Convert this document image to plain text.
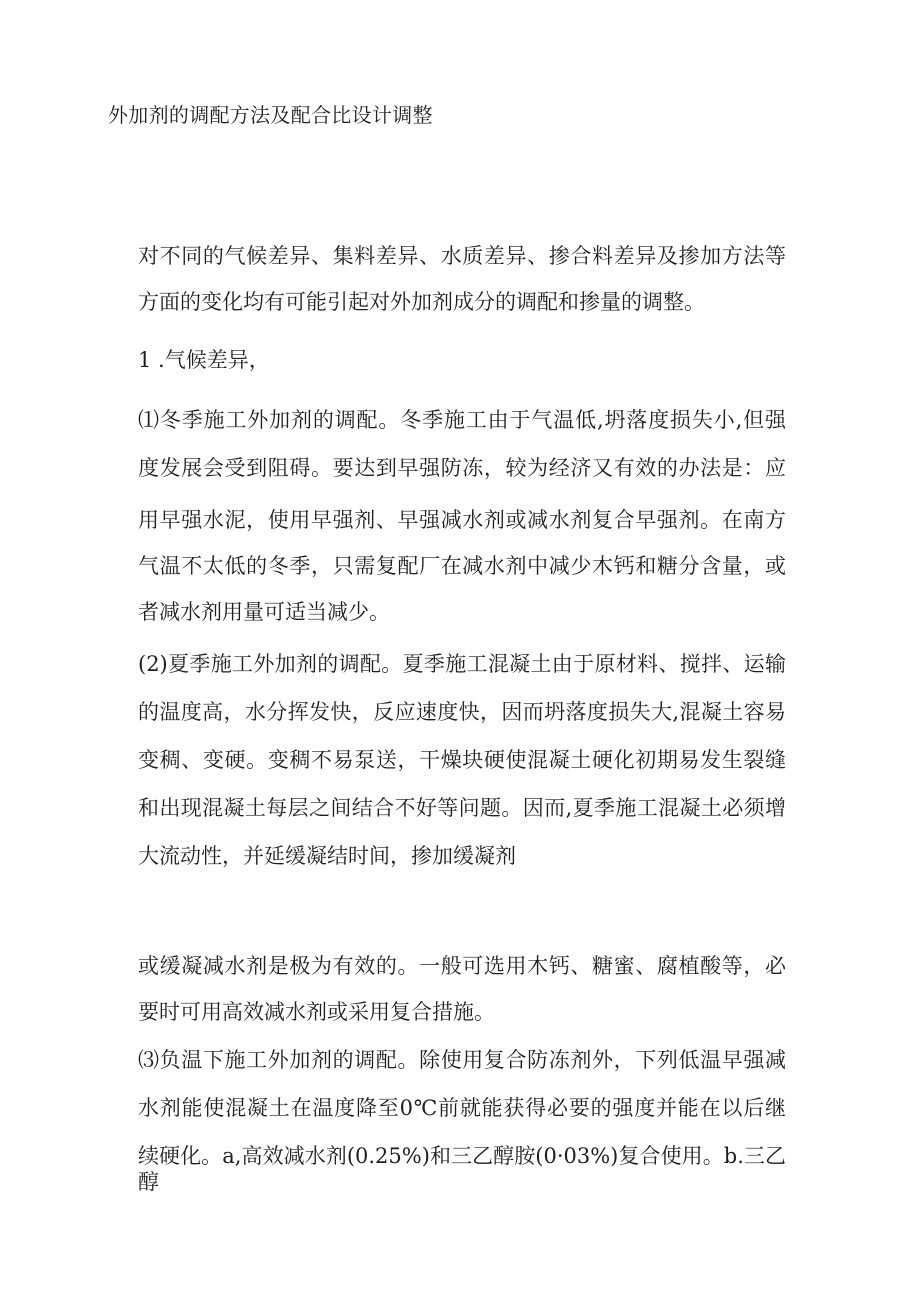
外加剂的调配方法及配合比设计调整
对不同的气候差异、集料差异、水质差异、掺合料差异及掺加方法等
方面的变化均有可能引起对外加剂成分的调配和掺量的调整。
1 .气候差异，
⑴冬季施工外加剂的调配。冬季施工由于气温低,坍落度损失小,但强
度发展会受到阻碍。要达到早强防冻，较为经济又有效的办法是：应
用早强水泥，使用早强剂、早强减水剂或减水剂复合早强剂。在南方
气温不太低的冬季，只需复配厂在减水剂中减少木钙和糖分含量，或
者减水剂用量可适当减少。
(2)夏季施工外加剂的调配。夏季施工混凝土由于原材料、搅拌、运输
的温度高，水分挥发快，反应速度快，因而坍落度损失大,混凝土容易
变稠、变硬。变稠不易泵送，干燥块硬使混凝土硬化初期易发生裂缝
和出现混凝土每层之间结合不好等问题。因而,夏季施工混凝土必须增
大流动性，并延缓凝结时间，掺加缓凝剂
或缓凝减水剂是极为有效的。一般可选用木钙、糖蜜、腐植酸等，必
要时可用高效减水剂或采用复合措施。
⑶负温下施工外加剂的调配。除使用复合防冻剂外，下列低温早强减
水剂能使混凝土在温度降至0℃前就能获得必要的强度并能在以后继
续硬化。a,高效减水剂(0.25%)和三乙醇胺(0·03%)复合使用。b.三乙醇
